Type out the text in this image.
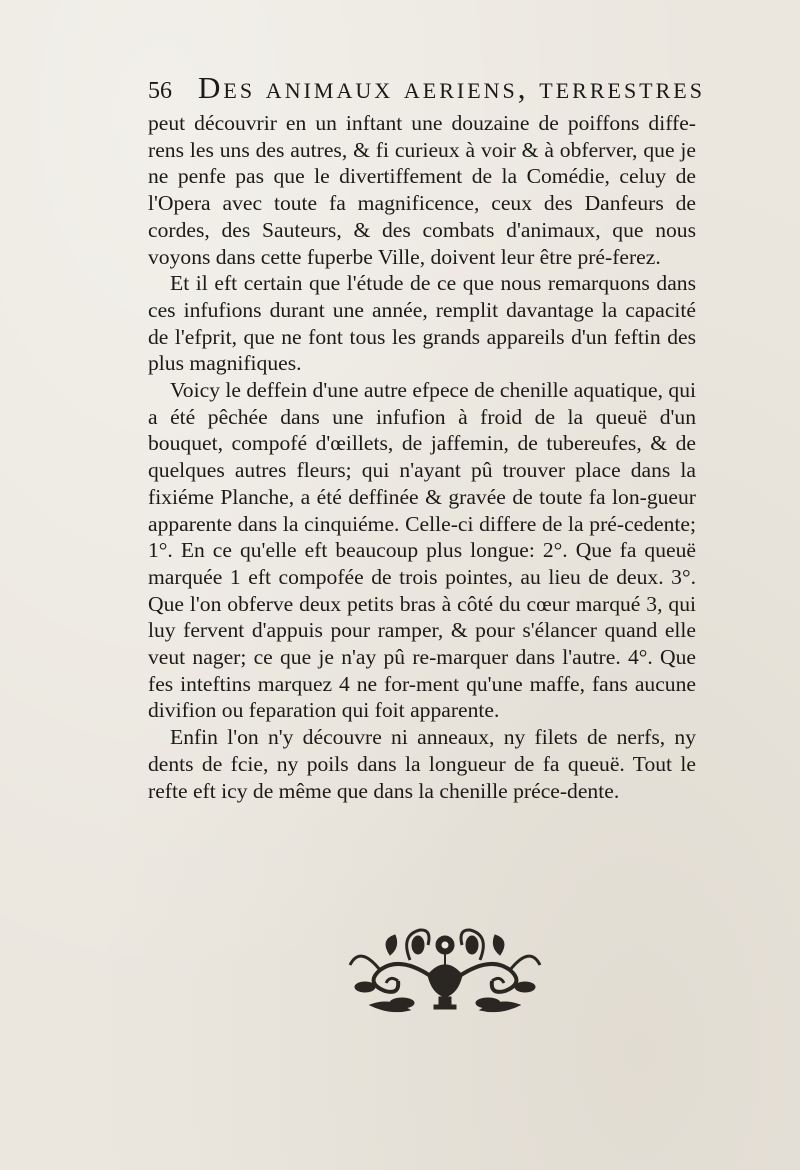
56 Des animaux aeriens, terrestres

peut découvrir en un inftant une douzaine de poiffons diffe-rens les uns des autres, & fi curieux à voir & à obferver, que je ne penfe pas que le divertiffement de la Comédie, celuy de l'Opera avec toute fa magnificence, ceux des Danfeurs de cordes, des Sauteurs, & des combats d'animaux, que nous voyons dans cette fuperbe Ville, doivent leur être pré-ferez.

Et il eft certain que l'étude de ce que nous remarquons dans ces infufions durant une année, remplit davantage la capacité de l'efprit, que ne font tous les grands appareils d'un feftin des plus magnifiques.

Voicy le deffein d'une autre efpece de chenille aquatique, qui a été pêchée dans une infufion à froid de la queuë d'un bouquet, compofé d'œillets, de jaffemin, de tubereufes, & de quelques autres fleurs; qui n'ayant pû trouver place dans la fixiéme Planche, a été deffinée & gravée de toute fa lon-gueur apparente dans la cinquiéme. Celle-ci differe de la pré-cedente; 1°. En ce qu'elle eft beaucoup plus longue: 2°. Que fa queuë marquée 1 eft compofée de trois pointes, au lieu de deux. 3°. Que l'on obferve deux petits bras à côté du cœur marqué 3, qui luy fervent d'appuis pour ramper, & pour s'élancer quand elle veut nager; ce que je n'ay pû re-marquer dans l'autre. 4°. Que fes inteftins marquez 4 ne for-ment qu'une maffe, fans aucune divifion ou feparation qui foit apparente.

Enfin l'on n'y découvre ni anneaux, ny filets de nerfs, ny dents de fcie, ny poils dans la longueur de fa queuë. Tout le refte eft icy de même que dans la chenille préce-dente.
